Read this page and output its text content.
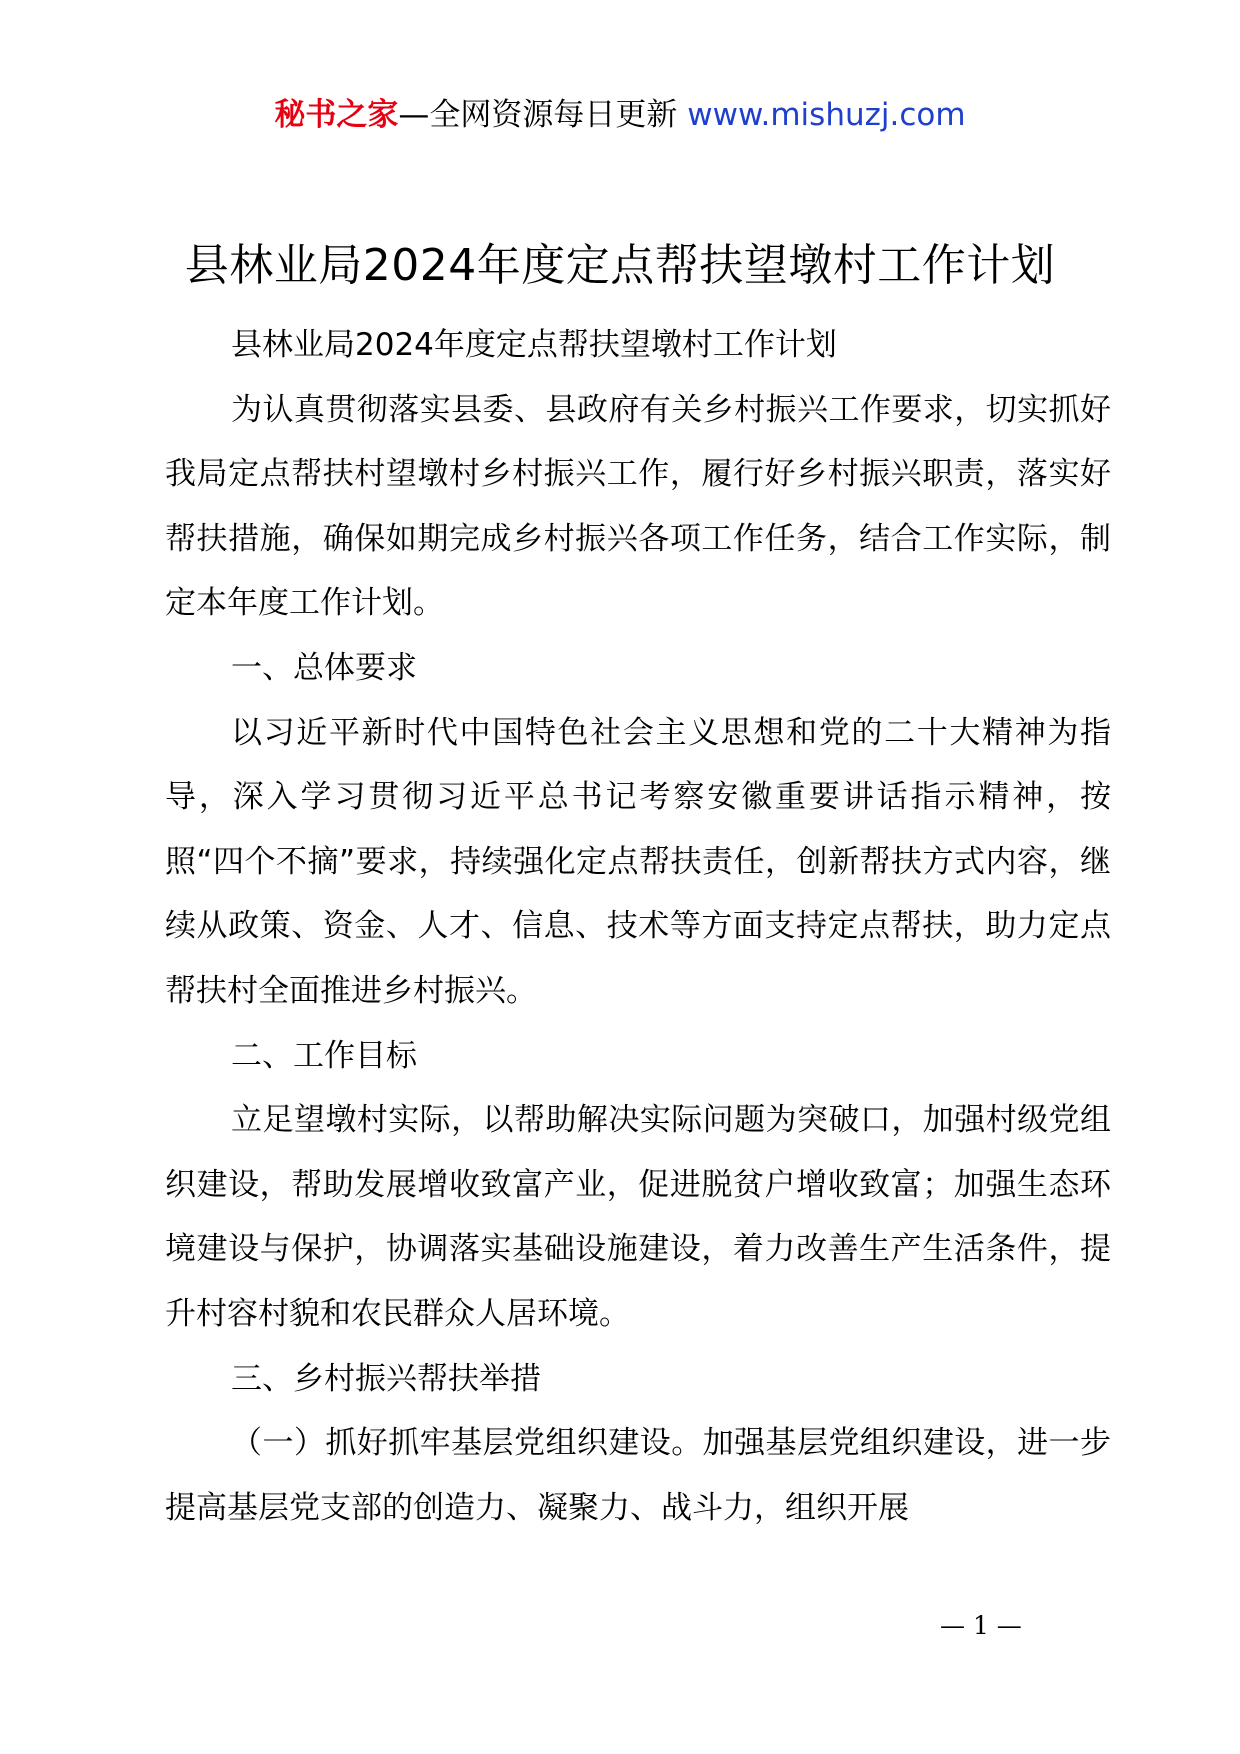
秘书之家—全网资源每日更新 www.mishuzj.com
县林业局2024年度定点帮扶望墩村工作计划

县林业局2024年度定点帮扶望墩村工作计划

为认真贯彻落实县委、县政府有关乡村振兴工作要求，切实抓好我局定点帮扶村望墩村乡村振兴工作，履行好乡村振兴职责，落实好帮扶措施，确保如期完成乡村振兴各项工作任务，结合工作实际，制定本年度工作计划。

一、总体要求

以习近平新时代中国特色社会主义思想和党的二十大精神为指导，深入学习贯彻习近平总书记考察安徽重要讲话指示精神，按照“四个不摘”要求，持续强化定点帮扶责任，创新帮扶方式内容，继续从政策、资金、人才、信息、技术等方面支持定点帮扶，助力定点帮扶村全面推进乡村振兴。

二、工作目标

立足望墩村实际，以帮助解决实际问题为突破口，加强村级党组织建设，帮助发展增收致富产业，促进脱贫户增收致富；加强生态环境建设与保护，协调落实基础设施建设，着力改善生产生活条件，提升村容村貌和农民群众人居环境。

三、乡村振兴帮扶举措

（一）抓好抓牢基层党组织建设。加强基层党组织建设，进一步提高基层党支部的创造力、凝聚力、战斗力，组织开展

— 1 —
